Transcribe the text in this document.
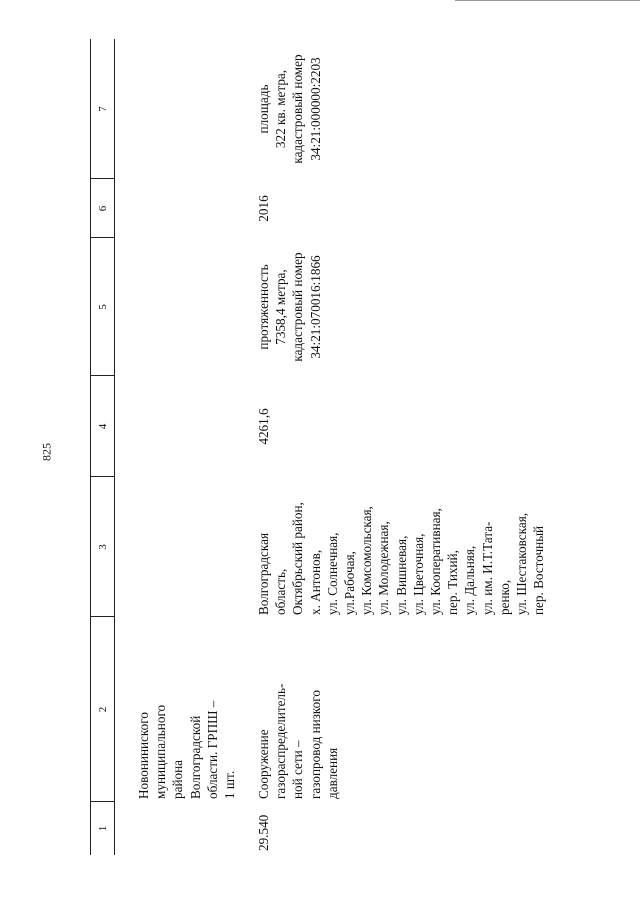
825
1
2
3
4
5
6
7

Новониниского муниципального района Волгоградской области. ГРПШ – 1 шт.

29.540

Сооружение газораспределитель- ной сети – газопровод низкого давления

Волгоградская область, Октябрьский район, х. Антонов, ул. Солнечная, ул.Рабочая, ул. Комсомольская, ул. Молодежная, ул. Вишневая, ул. Цветочная, ул. Кооперативная, пер. Тихий, ул. Дальняя, ул. им. И.Т.Тата- ренко, ул. Шестаковская, пер. Восточный

4261,6

протяженность 7358,4 метра, кадастровый номер 34:21:070016:1866

2016

площадь 322 кв. метра, кадастровый номер 34:21:000000:2203
